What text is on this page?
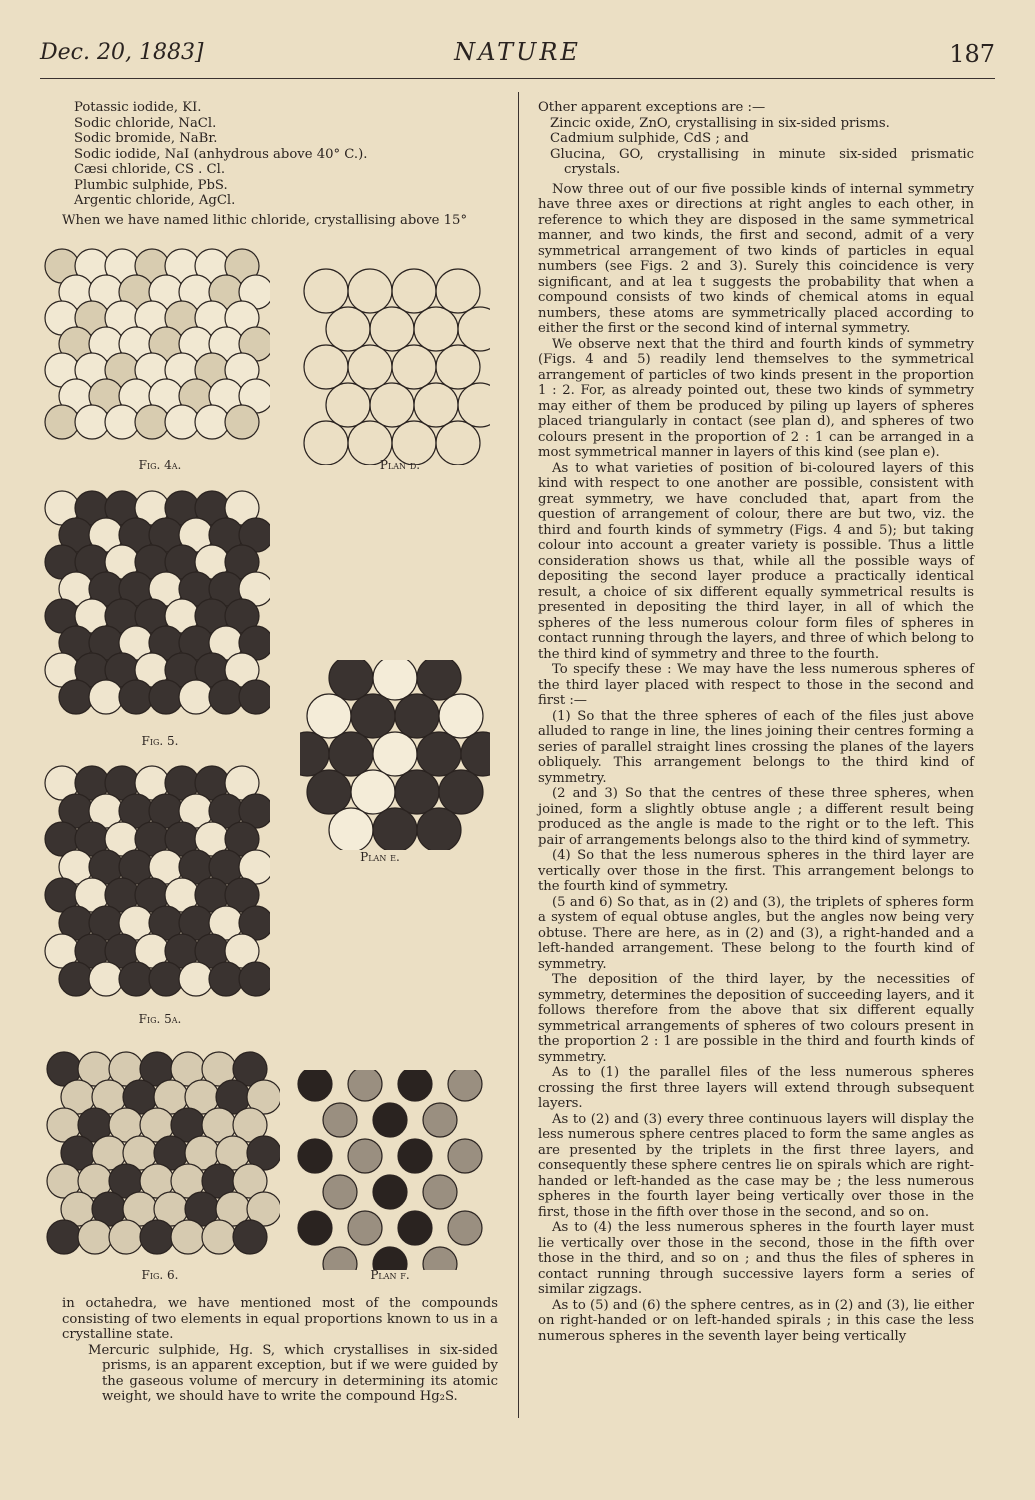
Dec. 20, 1883]	NATURE	187
Potassic iodide, KI.
Sodic chloride, NaCl.
Sodic bromide, NaBr.
Sodic iodide, NaI (anhydrous above 40° C.).
Cæsi chloride, CS . Cl.
Plumbic sulphide, PbS.
Argentic chloride, AgCl.
When we have named lithic chloride, crystallising above 15°
Fig. 4a.	Plan d.
Fig. 5.
Plan e.
Fig. 5a.
Fig. 6.	Plan f.
in octahedra, we have mentioned most of the compounds consisting of two elements in equal proportions known to us in a crystalline state.
Mercuric sulphide, Hg. S, which crystallises in six-sided prisms, is an apparent exception, but if we were guided by the gaseous volume of mercury in determining its atomic weight, we should have to write the compound Hg₂S.
Other apparent exceptions are :—
Zincic oxide, ZnO, crystallising in six-sided prisms.
Cadmium sulphide, CdS ; and
Glucina, GO, crystallising in minute six-sided prismatic crystals.

Now three out of our five possible kinds of internal symmetry have three axes or directions at right angles to each other, in reference to which they are disposed in the same symmetrical manner, and two kinds, the first and second, admit of a very symmetrical arrangement of two kinds of particles in equal numbers (see Figs. 2 and 3). Surely this coincidence is very significant, and at lea t suggests the probability that when a compound consists of two kinds of chemical atoms in equal numbers, these atoms are symmetrically placed according to either the first or the second kind of internal symmetry.

We observe next that the third and fourth kinds of symmetry (Figs. 4 and 5) readily lend themselves to the symmetrical arrangement of particles of two kinds present in the proportion 1 : 2. For, as already pointed out, these two kinds of symmetry may either of them be produced by piling up layers of spheres placed triangularly in contact (see plan d), and spheres of two colours present in the proportion of 2 : 1 can be arranged in a most symmetrical manner in layers of this kind (see plan e).

As to what varieties of position of bi-coloured layers of this kind with respect to one another are possible, consistent with great symmetry, we have concluded that, apart from the question of arrangement of colour, there are but two, viz. the third and fourth kinds of symmetry (Figs. 4 and 5); but taking colour into account a greater variety is possible. Thus a little consideration shows us that, while all the possible ways of depositing the second layer produce a practically identical result, a choice of six different equally symmetrical results is presented in depositing the third layer, in all of which the spheres of the less numerous colour form files of spheres in contact running through the layers, and three of which belong to the third kind of symmetry and three to the fourth.

To specify these : We may have the less numerous spheres of the third layer placed with respect to those in the second and first :—

(1) So that the three spheres of each of the files just above alluded to range in line, the lines joining their centres forming a series of parallel straight lines crossing the planes of the layers obliquely. This arrangement belongs to the third kind of symmetry.

(2 and 3) So that the centres of these three spheres, when joined, form a slightly obtuse angle ; a different result being produced as the angle is made to the right or to the left. This pair of arrangements belongs also to the third kind of symmetry.

(4) So that the less numerous spheres in the third layer are vertically over those in the first. This arrangement belongs to the fourth kind of symmetry.

(5 and 6) So that, as in (2) and (3), the triplets of spheres form a system of equal obtuse angles, but the angles now being very obtuse. There are here, as in (2) and (3), a right-handed and a left-handed arrangement. These belong to the fourth kind of symmetry.

The deposition of the third layer, by the necessities of symmetry, determines the deposition of succeeding layers, and it follows therefore from the above that six different equally symmetrical arrangements of spheres of two colours present in the proportion 2 : 1 are possible in the third and fourth kinds of symmetry.

As to (1) the parallel files of the less numerous spheres crossing the first three layers will extend through subsequent layers.

As to (2) and (3) every three continuous layers will display the less numerous sphere centres placed to form the same angles as are presented by the triplets in the first three layers, and consequently these sphere centres lie on spirals which are right-handed or left-handed as the case may be ; the less numerous spheres in the fourth layer being vertically over those in the first, those in the fifth over those in the second, and so on.

As to (4) the less numerous spheres in the fourth layer must lie vertically over those in the second, those in the fifth over those in the third, and so on ; and thus the files of spheres in contact running through successive layers form a series of similar zigzags.

As to (5) and (6) the sphere centres, as in (2) and (3), lie either on right-handed or on left-handed spirals ; in this case the less numerous spheres in the seventh layer being vertically
